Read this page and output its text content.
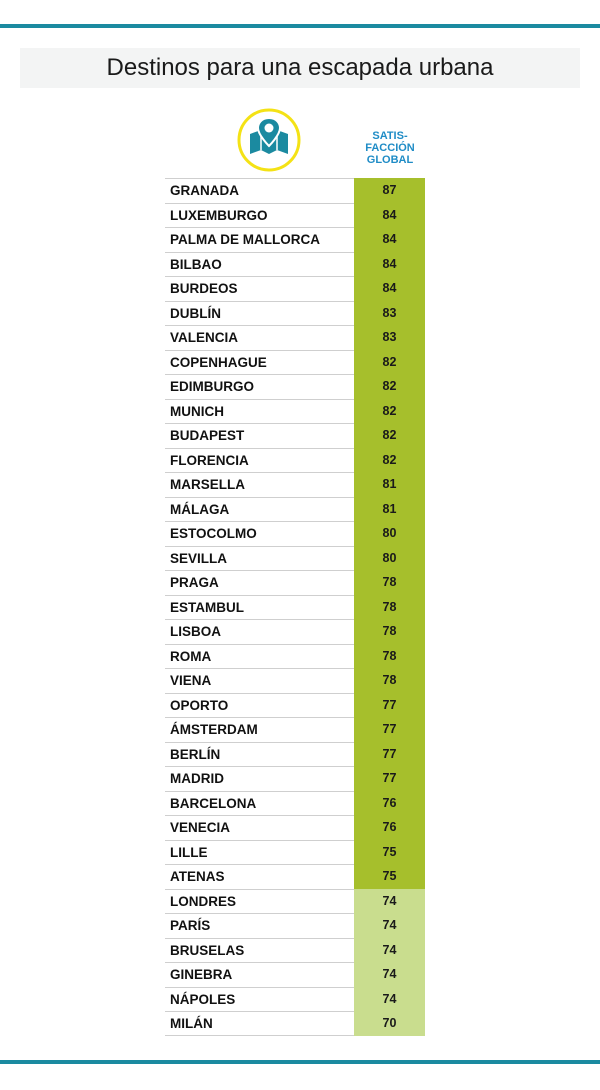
Destinos para una escapada urbana
SATIS-
FACCIÓN
GLOBAL
GRANADA	87
LUXEMBURGO	84
PALMA DE MALLORCA	84
BILBAO	84
BURDEOS	84
DUBLÍN	83
VALENCIA	83
COPENHAGUE	82
EDIMBURGO	82
MUNICH	82
BUDAPEST	82
FLORENCIA	82
MARSELLA	81
MÁLAGA	81
ESTOCOLMO	80
SEVILLA	80
PRAGA	78
ESTAMBUL	78
LISBOA	78
ROMA	78
VIENA	78
OPORTO	77
ÁMSTERDAM	77
BERLÍN	77
MADRID	77
BARCELONA	76
VENECIA	76
LILLE	75
ATENAS	75
LONDRES	74
PARÍS	74
BRUSELAS	74
GINEBRA	74
NÁPOLES	74
MILÁN	70
